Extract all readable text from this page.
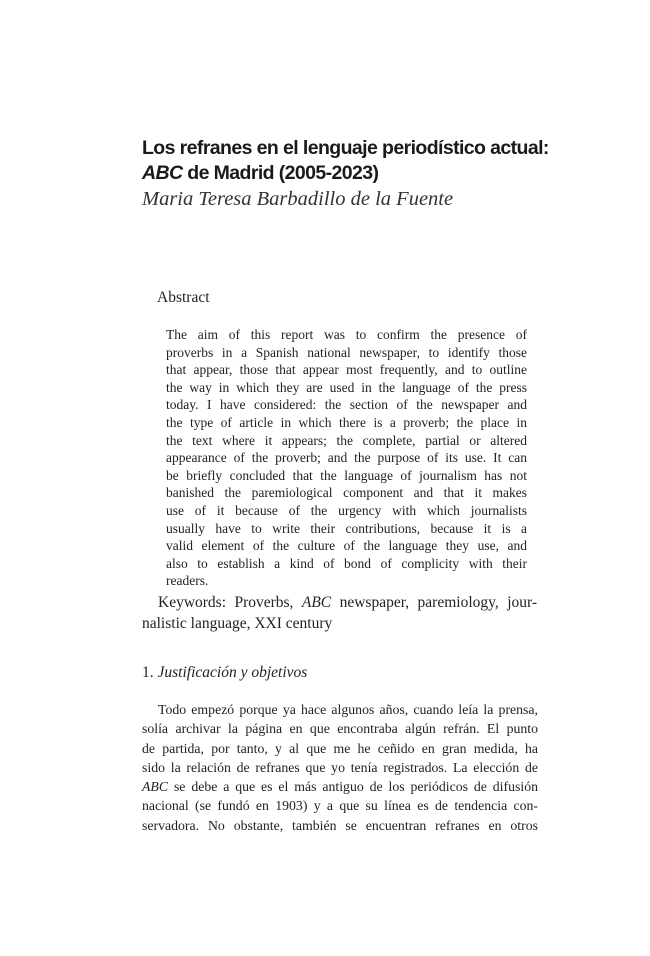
Los refranes en el lenguaje periodístico actual:
ABC de Madrid (2005-2023)
Maria Teresa Barbadillo de la Fuente
Abstract
The aim of this report was to confirm the presence of
proverbs in a Spanish national newspaper, to identify those
that appear, those that appear most frequently, and to outline
the way in which they are used in the language of the press
today. I have considered: the section of the newspaper and
the type of article in which there is a proverb; the place in
the text where it appears; the complete, partial or altered
appearance of the proverb; and the purpose of its use. It can
be briefly concluded that the language of journalism has not
banished the paremiological component and that it makes
use of it because of the urgency with which journalists
usually have to write their contributions, because it is a
valid element of the culture of the language they use, and
also to establish a kind of bond of complicity with their
readers.
Keywords: Proverbs, ABC newspaper, paremiology, jour-
nalistic language, XXI century
1. Justificación y objetivos
Todo empezó porque ya hace algunos años, cuando leía la prensa,
solía archivar la página en que encontraba algún refrán. El punto
de partida, por tanto, y al que me he ceñido en gran medida, ha
sido la relación de refranes que yo tenía registrados. La elección de
ABC se debe a que es el más antiguo de los periódicos de difusión
nacional (se fundó en 1903) y a que su línea es de tendencia con-
servadora. No obstante, también se encuentran refranes en otros
